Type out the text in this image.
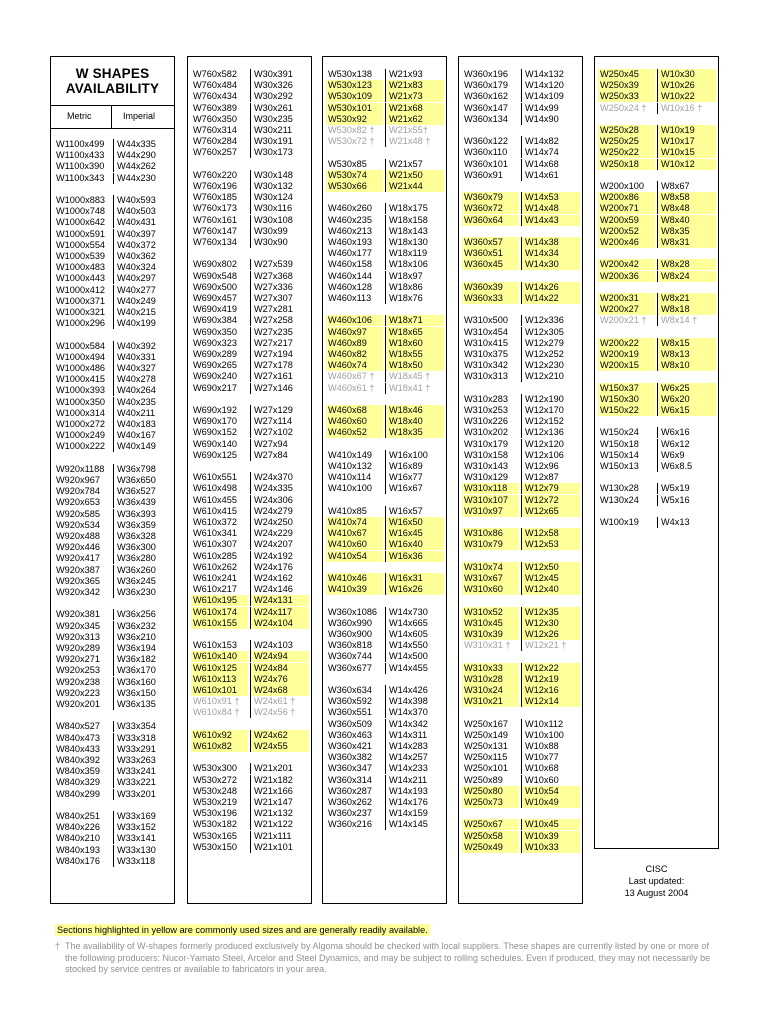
W SHAPES
AVAILABILITY
Metric	Imperial
W1100x499	W44x335
W1100x433	W44x290
W1100x390	W44x262
W1100x343	W44x230
W1000x883	W40x593
W1000x748	W40x503
W1000x642	W40x431
W1000x591	W40x397
W1000x554	W40x372
W1000x539	W40x362
W1000x483	W40x324
W1000x443	W40x297
W1000x412	W40x277
W1000x371	W40x249
W1000x321	W40x215
W1000x296	W40x199
W1000x584	W40x392
W1000x494	W40x331
W1000x486	W40x327
W1000x415	W40x278
W1000x393	W40x264
W1000x350	W40x235
W1000x314	W40x211
W1000x272	W40x183
W1000x249	W40x167
W1000x222	W40x149
W920x1188	W36x798
W920x967	W36x650
W920x784	W36x527
W920x653	W36x439
W920x585	W36x393
W920x534	W36x359
W920x488	W36x328
W920x446	W36x300
W920x417	W36x280
W920x387	W36x260
W920x365	W36x245
W920x342	W36x230
W920x381	W36x256
W920x345	W36x232
W920x313	W36x210
W920x289	W36x194
W920x271	W36x182
W920x253	W36x170
W920x238	W36x160
W920x223	W36x150
W920x201	W36x135
W840x527	W33x354
W840x473	W33x318
W840x433	W33x291
W840x392	W33x263
W840x359	W33x241
W840x329	W33x221
W840x299	W33x201
W840x251	W33x169
W840x226	W33x152
W840x210	W33x141
W840x193	W33x130
W840x176	W33x118
W760x582	W30x391
W760x484	W30x326
W760x434	W30x292
W760x389	W30x261
W760x350	W30x235
W760x314	W30x211
W760x284	W30x191
W760x257	W30x173
W760x220	W30x148
W760x196	W30x132
W760x185	W30x124
W760x173	W30x116
W760x161	W30x108
W760x147	W30x99
W760x134	W30x90
W690x802	W27x539
W690x548	W27x368
W690x500	W27x336
W690x457	W27x307
W690x419	W27x281
W690x384	W27x258
W690x350	W27x235
W690x323	W27x217
W690x289	W27x194
W690x265	W27x178
W690x240	W27x161
W690x217	W27x146
W690x192	W27x129
W690x170	W27x114
W690x152	W27x102
W690x140	W27x94
W690x125	W27x84
W610x551	W24x370
W610x498	W24x335
W610x455	W24x306
W610x415	W24x279
W610x372	W24x250
W610x341	W24x229
W610x307	W24x207
W610x285	W24x192
W610x262	W24x176
W610x241	W24x162
W610x217	W24x146
W610x195	W24x131
W610x174	W24x117
W610x155	W24x104
W610x153	W24x103
W610x140	W24x94
W610x125	W24x84
W610x113	W24x76
W610x101	W24x68
W610x91 †	W24x61 †
W610x84 †	W24x56 †
W610x92	W24x62
W610x82	W24x55
W530x300	W21x201
W530x272	W21x182
W530x248	W21x166
W530x219	W21x147
W530x196	W21x132
W530x182	W21x122
W530x165	W21x111
W530x150	W21x101
W530x138	W21x93
W530x123	W21x83
W530x109	W21x73
W530x101	W21x68
W530x92	W21x62
W530x82 †	W21x55†
W530x72 †	W21x48 †
W530x85	W21x57
W530x74	W21x50
W530x66	W21x44
W460x260	W18x175
W460x235	W18x158
W460x213	W18x143
W460x193	W18x130
W460x177	W18x119
W460x158	W18x106
W460x144	W18x97
W460x128	W18x86
W460x113	W18x76
W460x106	W18x71
W460x97	W18x65
W460x89	W18x60
W460x82	W18x55
W460x74	W18x50
W460x67 †	W18x45 †
W460x61 †	W18x41 †
W460x68	W18x46
W460x60	W18x40
W460x52	W18x35
W410x149	W16x100
W410x132	W16x89
W410x114	W16x77
W410x100	W16x67
W410x85	W16x57
W410x74	W16x50
W410x67	W16x45
W410x60	W16x40
W410x54	W16x36
W410x46	W16x31
W410x39	W16x26
W360x1086	W14x730
W360x990	W14x665
W360x900	W14x605
W360x818	W14x550
W360x744	W14x500
W360x677	W14x455
W360x634	W14x426
W360x592	W14x398
W360x551	W14x370
W360x509	W14x342
W360x463	W14x311
W360x421	W14x283
W360x382	W14x257
W360x347	W14x233
W360x314	W14x211
W360x287	W14x193
W360x262	W14x176
W360x237	W14x159
W360x216	W14x145
W360x196	W14x132
W360x179	W14x120
W360x162	W14x109
W360x147	W14x99
W360x134	W14x90
W360x122	W14x82
W360x110	W14x74
W360x101	W14x68
W360x91	W14x61
W360x79	W14x53
W360x72	W14x48
W360x64	W14x43
W360x57	W14x38
W360x51	W14x34
W360x45	W14x30
W360x39	W14x26
W360x33	W14x22
W310x500	W12x336
W310x454	W12x305
W310x415	W12x279
W310x375	W12x252
W310x342	W12x230
W310x313	W12x210
W310x283	W12x190
W310x253	W12x170
W310x226	W12x152
W310x202	W12x136
W310x179	W12x120
W310x158	W12x106
W310x143	W12x96
W310x129	W12x87
W310x118	W12x79
W310x107	W12x72
W310x97	W12x65
W310x86	W12x58
W310x79	W12x53
W310x74	W12x50
W310x67	W12x45
W310x60	W12x40
W310x52	W12x35
W310x45	W12x30
W310x39	W12x26
W310x31 †	W12x21 †
W310x33	W12x22
W310x28	W12x19
W310x24	W12x16
W310x21	W12x14
W250x167	W10x112
W250x149	W10x100
W250x131	W10x88
W250x115	W10x77
W250x101	W10x68
W250x89	W10x60
W250x80	W10x54
W250x73	W10x49
W250x67	W10x45
W250x58	W10x39
W250x49	W10x33
W250x45	W10x30
W250x39	W10x26
W250x33	W10x22
W250x24 †	W10x16 †
W250x28	W10x19
W250x25	W10x17
W250x22	W10x15
W250x18	W10x12
W200x100	W8x67
W200x86	W8x58
W200x71	W8x48
W200x59	W8x40
W200x52	W8x35
W200x46	W8x31
W200x42	W8x28
W200x36	W8x24
W200x31	W8x21
W200x27	W8x18
W200x21 †	W8x14 †
W200x22	W8x15
W200x19	W8x13
W200x15	W8x10
W150x37	W6x25
W150x30	W6x20
W150x22	W6x15
W150x24	W6x16
W150x18	W6x12
W150x14	W6x9
W150x13	W6x8.5
W130x28	W5x19
W130x24	W5x16
W100x19	W4x13
CISC
Last updated:
13 August 2004
Sections highlighted in yellow are commonly used sizes and are generally readily available.
† The availability of W-shapes formerly produced exclusively by Algoma should be checked with local suppliers. These shapes are currently listed by one or more of the following producers: Nucor-Yamato Steel, Arcelor and Steel Dynamics, and may be subject to rolling schedules. Even if produced, they may not necessarily be stocked by service centres or available to fabricators in your area.
